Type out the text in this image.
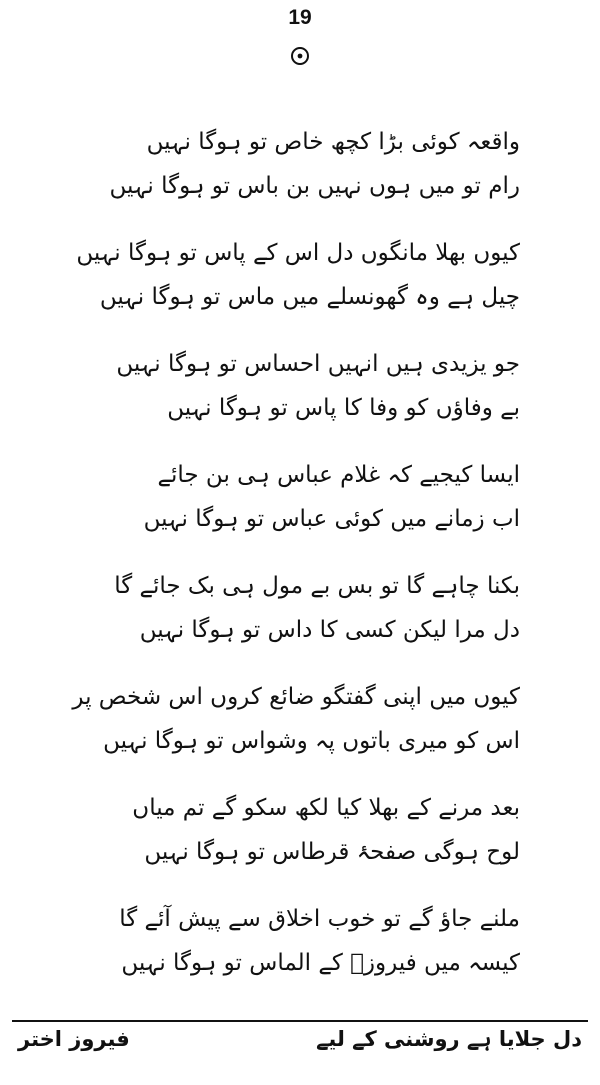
19
واقعہ کوئی بڑا کچھ خاص تو ہوگا نہیں
رام تو میں ہوں نہیں بن باس تو ہوگا نہیں
کیوں بھلا مانگوں دل اس کے پاس تو ہوگا نہیں
چیل ہے وہ گھونسلے میں ماس تو ہوگا نہیں
جو یزیدی ہیں انہیں احساس تو ہوگا نہیں
بے وفاؤں کو وفا کا پاس تو ہوگا نہیں
ایسا کیجیے کہ غلام عباس ہی بن جائے
اب زمانے میں کوئی عباس تو ہوگا نہیں
بکنا چاہے گا تو بس بے مول ہی بک جائے گا
دل مرا لیکن کسی کا داس تو ہوگا نہیں
کیوں میں اپنی گفتگو ضائع کروں اس شخص پر
اس کو میری باتوں پہ وشواس تو ہوگا نہیں
بعد مرنے کے بھلا کیا لکھ سکو گے تم میاں
لوح ہوگی صفحۂ قرطاس تو ہوگا نہیں
ملنے جاؤ گے تو خوب اخلاق سے پیش آئے گا
کیسہ میں فیروزؔ کے الماس تو ہوگا نہیں
فیروز اختر	دل جلایا ہے روشنی کے لیے
